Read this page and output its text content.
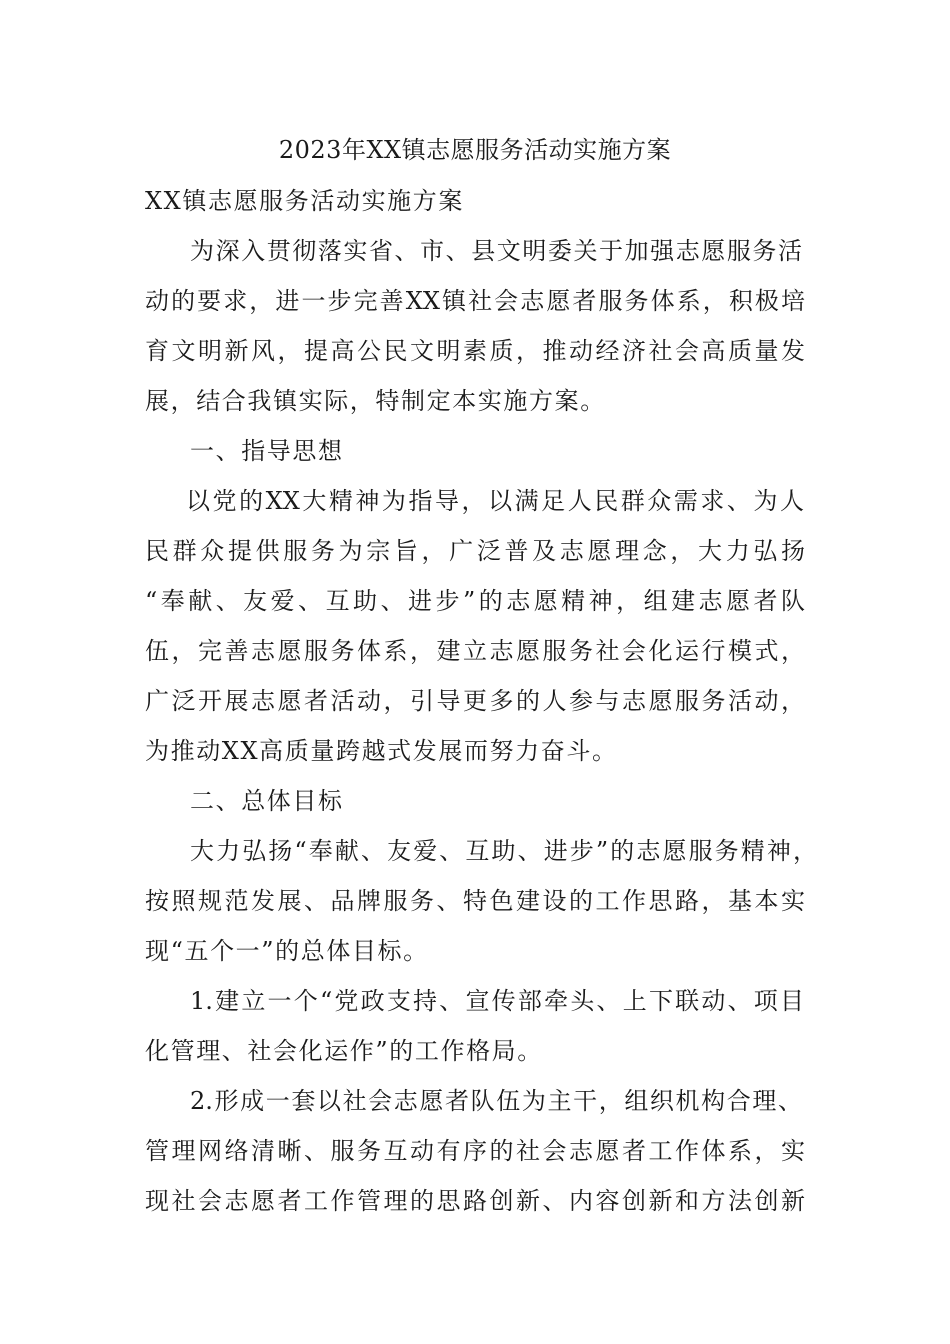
2023年XX镇志愿服务活动实施方案
XX镇志愿服务活动实施方案
为深入贯彻落实省、市、县文明委关于加强志愿服务活
动的要求，进一步完善XX镇社会志愿者服务体系，积极培
育文明新风，提高公民文明素质，推动经济社会高质量发
展，结合我镇实际，特制定本实施方案。
一、指导思想
以党的XX大精神为指导，以满足人民群众需求、为人
民群众提供服务为宗旨，广泛普及志愿理念，大力弘扬
“奉献、友爱、互助、进步”的志愿精神，组建志愿者队
伍，完善志愿服务体系，建立志愿服务社会化运行模式，
广泛开展志愿者活动，引导更多的人参与志愿服务活动，
为推动XX高质量跨越式发展而努力奋斗。
二、总体目标
大力弘扬“奉献、友爱、互助、进步”的志愿服务精神，
按照规范发展、品牌服务、特色建设的工作思路，基本实
现“五个一”的总体目标。
1.建立一个“党政支持、宣传部牵头、上下联动、项目
化管理、社会化运作”的工作格局。
2.形成一套以社会志愿者队伍为主干，组织机构合理、
管理网络清晰、服务互动有序的社会志愿者工作体系，实
现社会志愿者工作管理的思路创新、内容创新和方法创新
